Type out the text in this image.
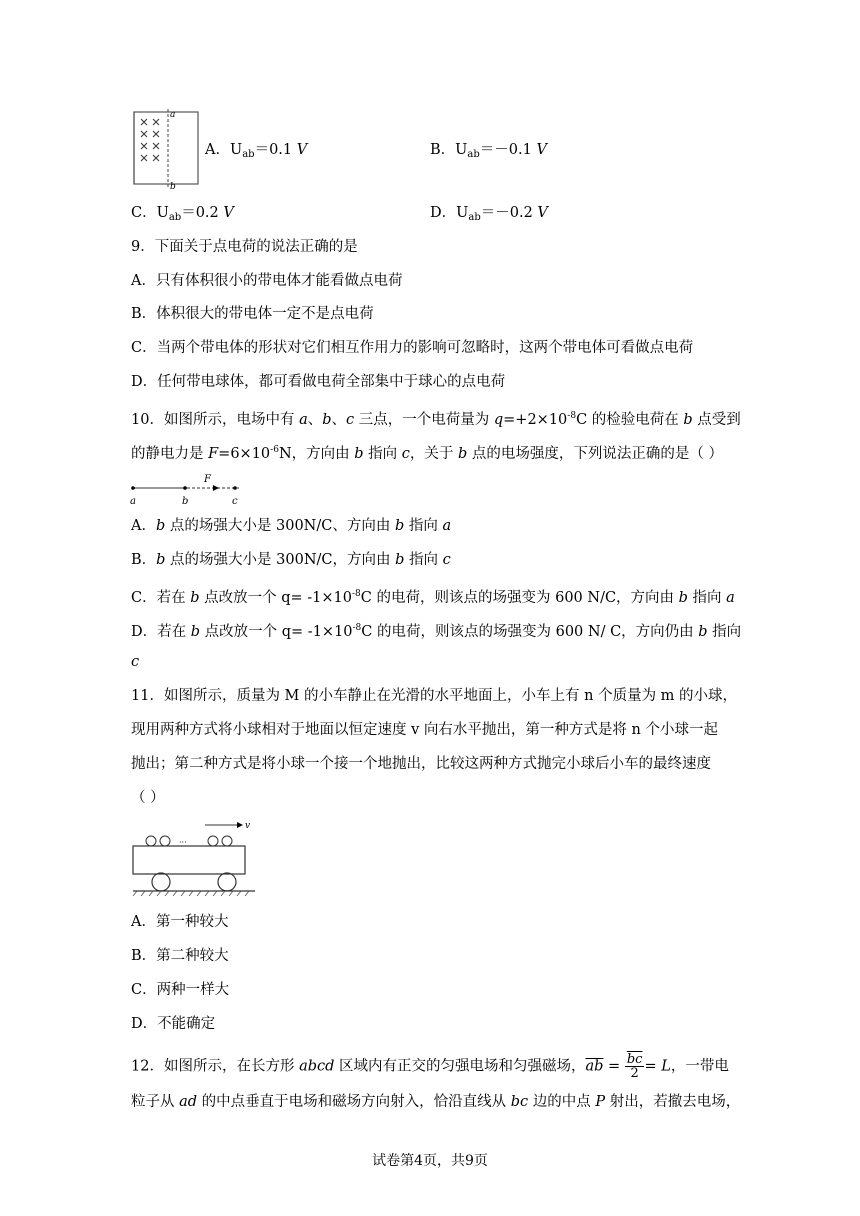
a
b
A．$U_{ab}=0.1$ V	B．$U_{ab}=-0.1$ V
C．$U_{ab}=0.2$ V	D．$U_{ab}=-0.2$ V
9．下面关于点电荷的说法正确的是
A．只有体积很小的带电体才能看做点电荷
B．体积很大的带电体一定不是点电荷
C．当两个带电体的形状对它们相互作用力的影响可忽略时，这两个带电体可看做点电荷
D．任何带电球体，都可看做电荷全部集中于球心的点电荷
10．如图所示，电场中有 a、b、c 三点，一个电荷量为 $q=+2\times 10^{-8}C$ 的检验电荷在 b 点受到
的静电力是 $F=6\times 10^{-6}N$，方向由 b 指向 c，关于 b 点的电场强度，下列说法正确的是（ ）
F
a	b	c
A．b 点的场强大小是 300N/C、方向由 b 指向 a
B．b 点的场强大小是 300N/C，方向由 b 指向 c
C．若在 b 点改放一个 $q= -1\times 10^{-8}C$ 的电荷，则该点的场强变为 600 N/C，方向由 b 指向 a
D．若在 b 点改放一个 $q= -1\times 10^{-8}C$ 的电荷，则该点的场强变为 600 N/ C，方向仍由 b 指向
c
11．如图所示，质量为 M 的小车静止在光滑的水平地面上，小车上有 n 个质量为 m 的小球，
现用两种方式将小球相对于地面以恒定速度 v 向右水平抛出，第一种方式是将 n 个小球一起
抛出；第二种方式是将小球一个接一个地抛出，比较这两种方式抛完小球后小车的最终速度
（ ）
v
···
A．第一种较大
B．第二种较大
C．两种一样大
D．不能确定
12．如图所示，在长方形 abcd 区域内有正交的匀强电场和匀强磁场，$\overline{ab} = \frac{\overline{bc}}{2} = L$，一带电
粒子从 ad 的中点垂直于电场和磁场方向射入，恰沿直线从 bc 边的中点 P 射出，若撤去电场，
试卷第4页，共9页
